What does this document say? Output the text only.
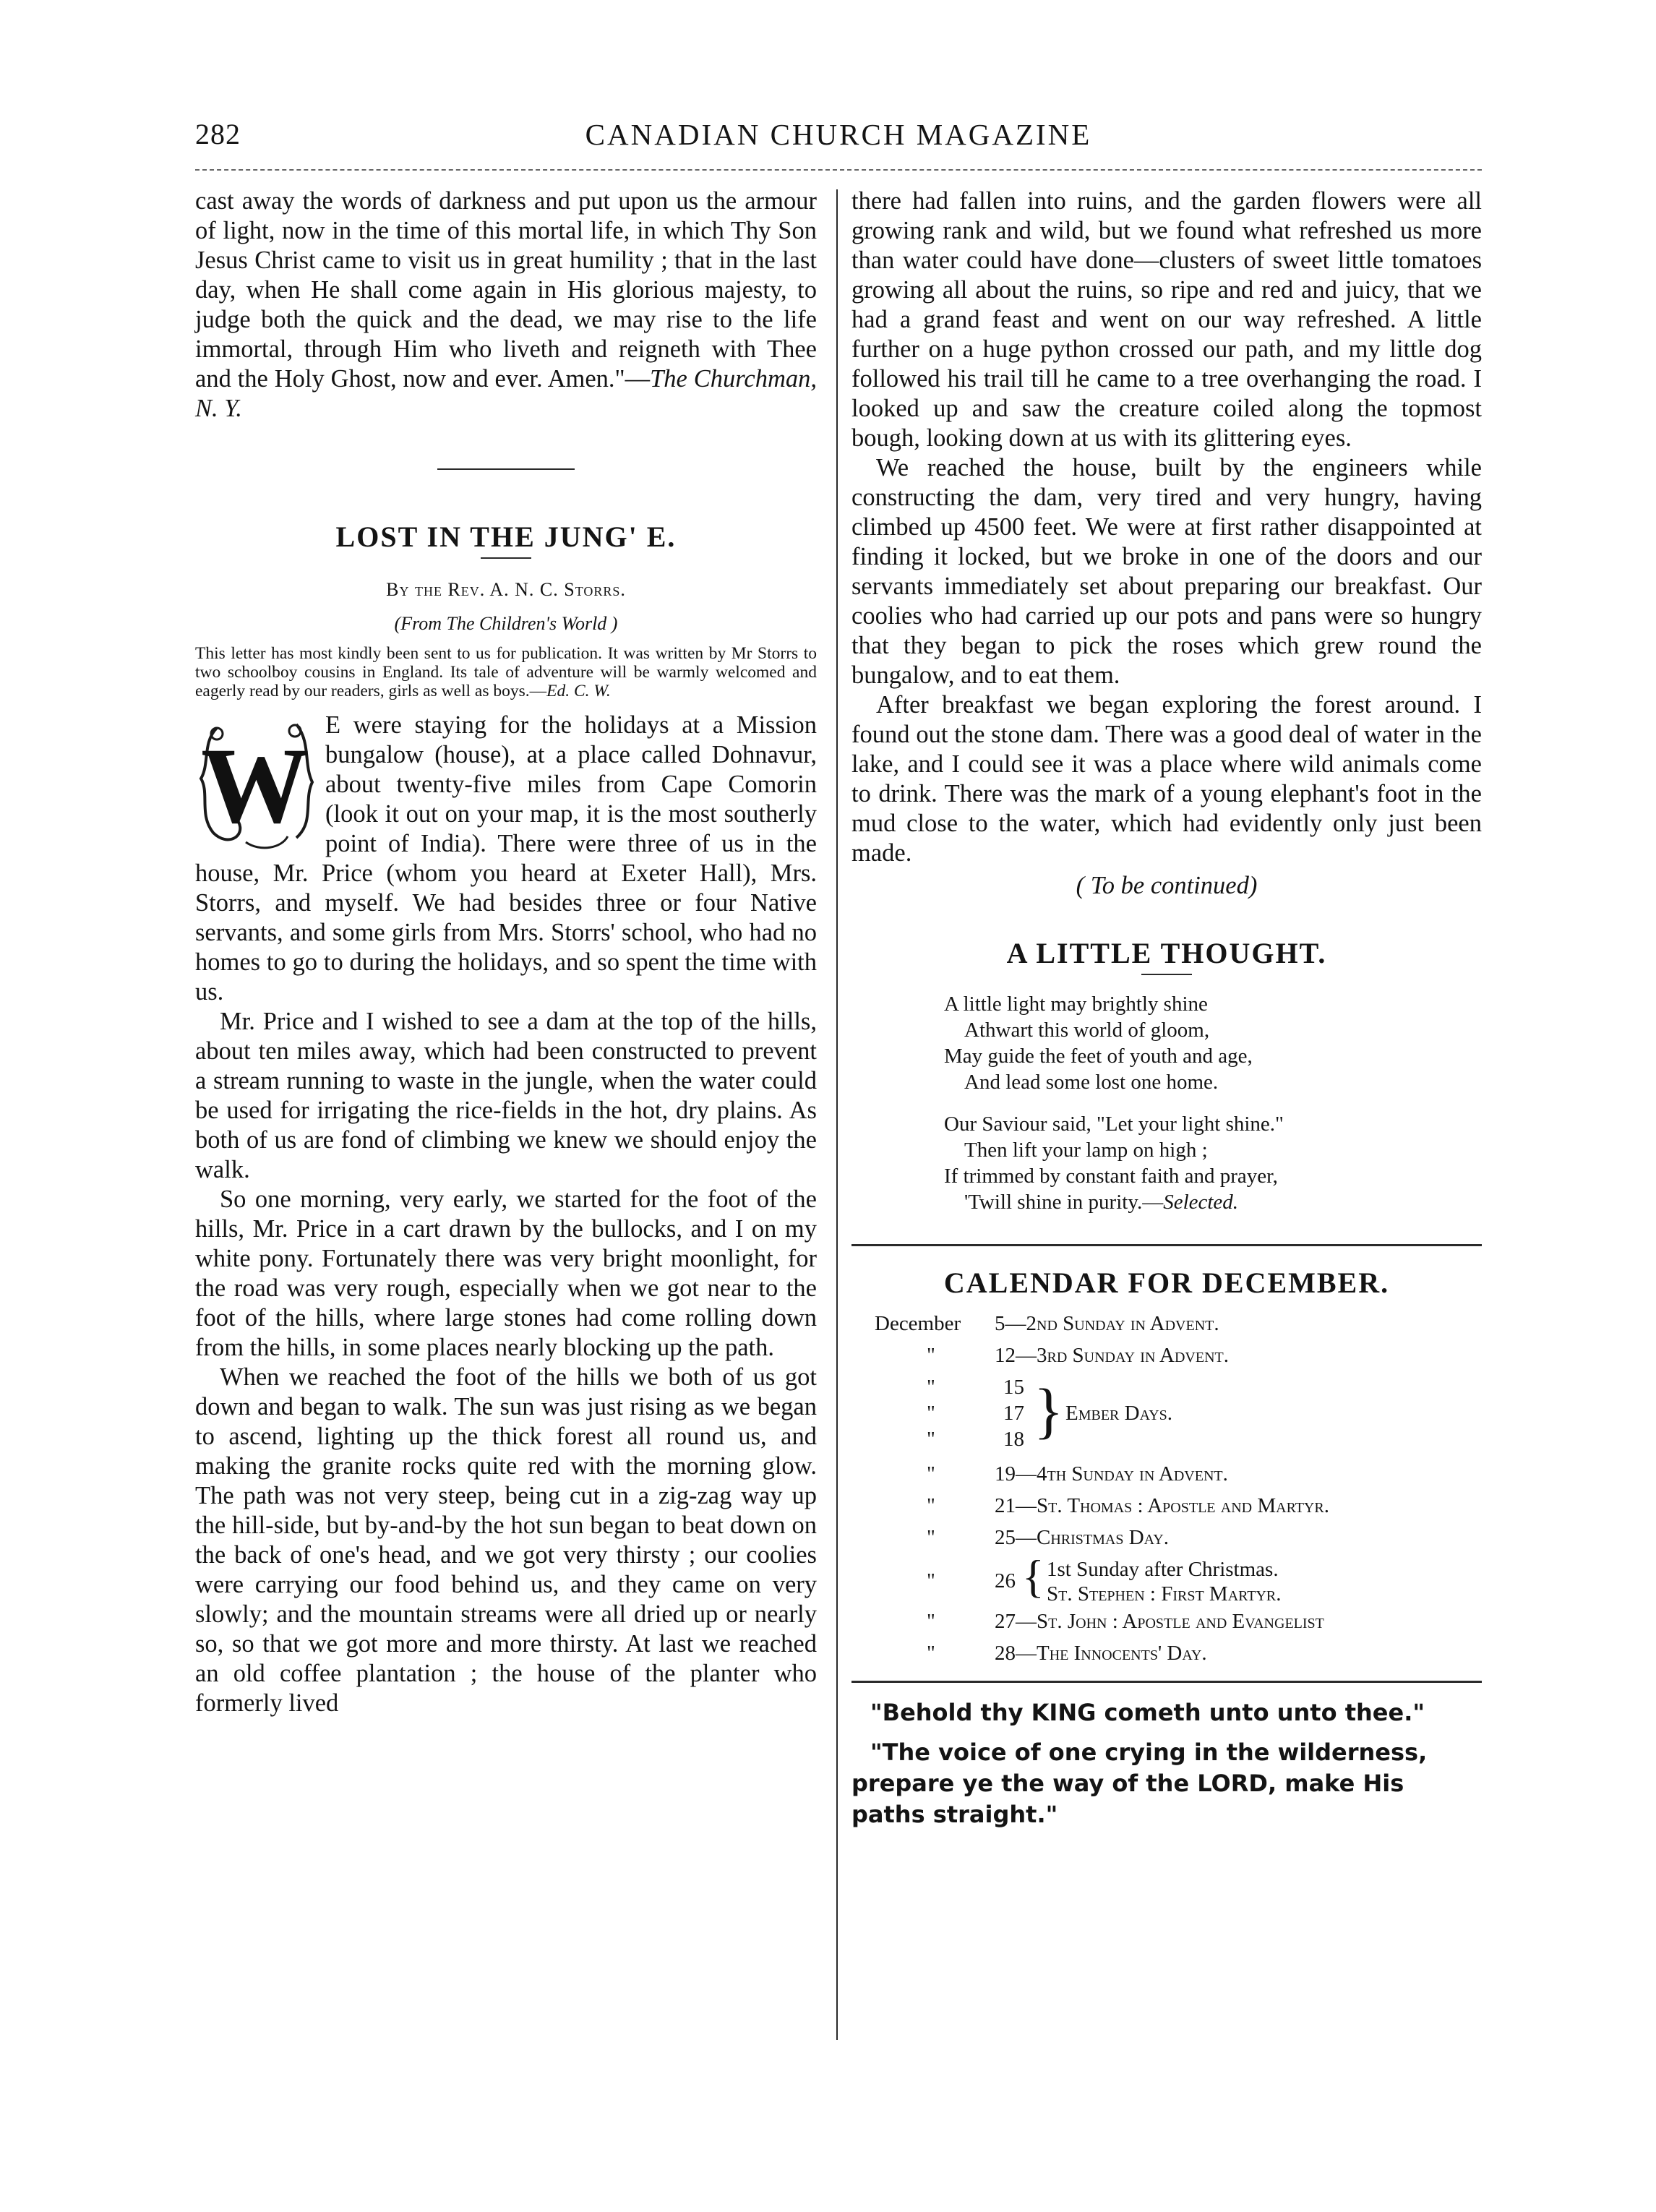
282	CANADIAN CHURCH MAGAZINE

cast away the words of darkness and put upon us the armour of light, now in the time of this mortal life, in which Thy Son Jesus Christ came to visit us in great humility ; that in the last day, when He shall come again in His glorious majesty, to judge both the quick and the dead, we may rise to the life immortal, through Him who liveth and reigneth with Thee and the Holy Ghost, now and ever. Amen."—The Churchman, N. Y.

LOST IN THE JUNG' E.

By the Rev. A. N. C. Storrs.

(From The Children's World )

This letter has most kindly been sent to us for publication. It was written by Mr Storrs to two schoolboy cousins in England. Its tale of adventure will be warmly welcomed and eagerly read by our readers, girls as well as boys.—Ed. C. W.

W

E were staying for the holidays at a Mission bungalow (house), at a place called Dohnavur, about twenty-five miles from Cape Comorin (look it out on your map, it is the most southerly point of India). There were three of us in the house, Mr. Price (whom you heard at Exeter Hall), Mrs. Storrs, and myself. We had besides three or four Native servants, and some girls from Mrs. Storrs' school, who had no homes to go to during the holidays, and so spent the time with us.

Mr. Price and I wished to see a dam at the top of the hills, about ten miles away, which had been constructed to prevent a stream running to waste in the jungle, when the water could be used for irrigating the rice-fields in the hot, dry plains. As both of us are fond of climbing we knew we should enjoy the walk.

So one morning, very early, we started for the foot of the hills, Mr. Price in a cart drawn by the bullocks, and I on my white pony. Fortunately there was very bright moonlight, for the road was very rough, especially when we got near to the foot of the hills, where large stones had come rolling down from the hills, in some places nearly blocking up the path.

When we reached the foot of the hills we both of us got down and began to walk. The sun was just rising as we began to ascend, lighting up the thick forest all round us, and making the granite rocks quite red with the morning glow. The path was not very steep, being cut in a zig-zag way up the hill-side, but by-and-by the hot sun began to beat down on the back of one's head, and we got very thirsty ; our coolies were carrying our food behind us, and they came on very slowly; and the mountain streams were all dried up or nearly so, so that we got more and more thirsty. At last we reached an old coffee plantation ; the house of the planter who formerly lived

there had fallen into ruins, and the garden flowers were all growing rank and wild, but we found what refreshed us more than water could have done—clusters of sweet little tomatoes growing all about the ruins, so ripe and red and juicy, that we had a grand feast and went on our way refreshed. A little further on a huge python crossed our path, and my little dog followed his trail till he came to a tree overhanging the road. I looked up and saw the creature coiled along the topmost bough, looking down at us with its glittering eyes.

We reached the house, built by the engineers while constructing the dam, very tired and very hungry, having climbed up 4500 feet. We were at first rather disappointed at finding it locked, but we broke in one of the doors and our servants immediately set about preparing our breakfast. Our coolies who had carried up our pots and pans were so hungry that they began to pick the roses which grew round the bungalow, and to eat them.

After breakfast we began exploring the forest around. I found out the stone dam. There was a good deal of water in the lake, and I could see it was a place where wild animals come to drink. There was the mark of a young elephant's foot in the mud close to the water, which had evidently only just been made.

( To be continued)

A LITTLE THOUGHT.
A little light may brightly shine
Athwart this world of gloom,
May guide the feet of youth and age,
And lead some lost one home.
Our Saviour said, "Let your light shine."
Then lift your lamp on high ;
If trimmed by constant faith and prayer,
'Twill shine in purity.—Selected.
CALENDAR FOR DECEMBER.
December 5—2nd Sunday in Advent.
"	12—3rd Sunday in Advent.
"	15
"	17 } Ember Days.
"	18
"	19—4th Sunday in Advent.
"	21—St. Thomas : Apostle and Martyr.
"	25—Christmas Day.
"	26 { 1st Sunday after Christmas.
St. Stephen : First Martyr.
"	27—St. John : Apostle and Evangelist
"	28—The Innocents' Day.

"Behold thy KING cometh unto unto thee."

"The voice of one crying in the wilderness, prepare ye the way of the LORD, make His paths straight."
